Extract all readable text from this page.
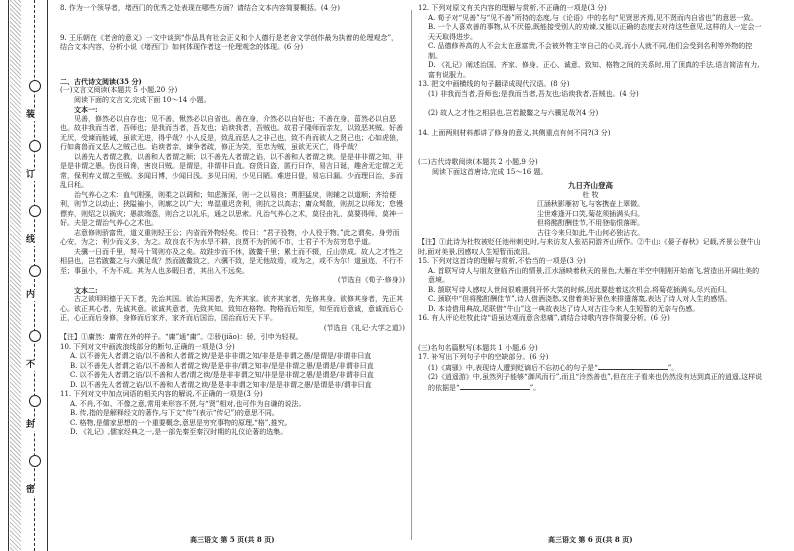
装
订
线
内
不
封
密

8. 作为一个领导者，堵西门的优秀之处表现在哪些方面？请结合文本内容简要概括。(4 分)

9. 王乐朝在《老舍的意义》一文中谈到“作品具有社会正义和个人德行是老舍文学创作最为执着的伦理观念”，结合文本内容，分析小说《堵西门》如何体现作者这一伦理观念的体现。(6 分)

二、古代诗文阅读(35 分)

(一)文言文阅读(本题共 5 小题,20 分)

阅读下面的文言文,完成下面 10～14 小题。

文本一:

见善，修然必以自存也；见不善，愀然必以自省也。善在身，介然必以自好也；不善在身，菑然必以自恶也。故非我而当者，吾师也；是我而当者，吾友也；谄谀我者，吾贼也。故君子隆师而亲友，以致恶其贼。好善无厌，受谏而能诫，虽欲无进，得乎哉？小人反是，致乱而恶人之非己也，致不肖而欲人之贤己也；心如虎狼，行如禽兽而又恶人之贼己也。谄谀者亲，谏争者疏，修正为笑，至忠为贼，虽欲无灭亡，得乎哉？

以善先人者谓之教，以善和人者谓之顺；以不善先人者谓之谄，以不善和人者谓之谀。是是非非谓之知，非是是非谓之愚。伤良曰谗，害良曰贼。是谓是，非谓非曰直。窃货曰盗，匿行曰诈，易言曰诞，趣舍无定谓之无常，保利弃义谓之至贼。多闻曰博，少闻曰浅。多见曰闲，少见曰陋。难进曰偍，易忘曰漏。少而理曰治，多而乱曰秏。

治气养心之术：血气刚强，则柔之以调和；知虑渐深，则一之以易良；勇胆猛戾，则辅之以道顺；齐给便利，则节之以动止；狭隘褊小，则廓之以广大；卑湿重迟贪利，则抗之以高志；庸众驽散，则刦之以师友；怠慢僄弃，则炤之以祸灾；愚款端悫，则合之以礼乐，通之以思索。凡治气养心之术，莫径由礼，莫要得师，莫神一好。夫是之谓治气养心之术也。

志意修则骄富贵，道义重则轻王公；内省而外物轻矣。传曰：“君子役物，小人役于物。”此之谓矣。身劳而心安，为之；利少而义多，为之。故良农不为水旱不耕，良贾不为折阅不市，士君子不为贫穷怠乎道。

夫骥一日而千里，驽马十驾则亦及之矣。故跬步而不休，跛鳖千里；累土而不辍，丘山崇成。故人之才性之相县也，岂若跛鳖之与六骥足哉？然而跛鳖致之，六骥不致，是无他故焉，或为之，或不为尔！道虽迩，不行不至；事虽小，不为不成。其为人也多暇日者，其出入不远矣。

(节选自《荀子·修身》)

文本二:

古之欲明明德于天下者，先治其国。欲治其国者，先齐其家。欲齐其家者，先修其身。欲修其身者，先正其心。欲正其心者，先诚其意。欲诚其意者，先致其知。致知在格物。物格而后知至，知至而后意诚，意诚而后心正，心正而后身修，身修而后家齐，家齐而后国治，国治而后天下平。

(节选自《礼记·大学之道》)

【注】①庸然：庸常在外的样子。“庸”通“庸”。②骄(jiāo)：骄，引申为轻视。

10. 下列对文中画波浪线部分的断句,正确的一项是(3 分)

A. 以不善先人者谓之谄/以不善和人者谓之谀/是是非非谓之知/非是是非谓之愚/是谓是/非谓非曰直

B. 以不善先人者谓之谄/以不善和人者谓之谀/是是非非/谓之知非/是是非谓之愚/是谓是/非谓非曰直

C. 以不善先人者谓之谄/以不善和人者/谓之谀/是是非非谓之知/非是是非谓之愚/是谓是/非谓非曰直

D. 以不善先人者谓之谄/以不善和人者谓之谀/是是非非谓之知非/是是非谓之愚/是谓是非/谓非曰直

11. 下列对文中加点词语的相关内容的解说,不正确的一项是(3 分)

A. 不肖,不如、不像之意,常用来形容不贤,与“贤”相对,也可作为自谦的说法。

B. 传,指的是解释经文的著作,与下文“传”(表示“传记”)的意思不同。

C. 格物,是儒家思想的一个重要概念,意思是穷究事物的原理,“格”,推究。

D. 《礼记》,儒家经典之一,是一部先秦至秦汉时期的礼仪论著的选集。

12. 下列对原文有关内容的理解与赏析,不正确的一项是(3 分)

A. 荀子对“见善”与“见不善”所持的态度,与《论语》中的名句“见贤思齐焉,见不贤而内自省也”的意思一致。

B. 一个人喜欢善的事物,从不厌倦,既能接受别人的劝谏,又能以正确的态度去对待这些意见,这样的人一定会一天天取得进步。

C. 品德修养高的人不会太在意富贵,不会被外物主宰自己的心灵,而小人就不同,他们会受到名利等外物的控制。

D. 《礼记》阐述治国、齐家、修身、正心、诚意、致知、格物之间的关系时,用了顶真的手法,语言简洁有力,富有说服力。

13. 把文中画横线的句子翻译成现代汉语。(8 分)

(1) 非我而当者,吾师也;是我而当者,吾友也;谄谀我者,吾贼也。(4 分)

(2) 故人之才性之相县也,岂若跛鳖之与六骥足哉?(4 分)

14. 上面两则材料都讲了修身的意义,其侧重点有何不同?(3 分)

(二)古代诗歌阅读(本题共 2 小题,9 分)

阅读下面这首唐诗,完成 15～16 题。

九日齐山登高

杜 牧

江涵秋影雁初飞,与客携壶上翠微。

尘世难逢开口笑,菊花须插满头归。

但将酩酊酬佳节,不用登临恨落晖。

古往今来只如此,牛山何必独沾衣。

【注】①此诗为杜牧被贬任池州刺史时,与来访友人张祜同游齐山所作。②牛山:《晏子春秋》记载,齐景公登牛山时,面对美景,因感叹人生短暂而流泪。

15. 下列对这首诗的理解与赏析,不恰当的一项是(3 分)

A. 首联写诗人与朋友登临齐山的情景,江水涵映着秋天的景色,大雁在半空中刚刚开始南飞,营造出开阔壮美的意境。

B. 颔联写诗人感叹人世间很难遇到开怀大笑的时候,因此要趁着这次机会,将菊花插满头,尽兴而归。

C. 颈联中“但将酩酊酬佳节”,诗人借酒浇愁,又借着美好景色来排遣落寞,表达了诗人对人生的感悟。

D. 本诗借用典故,尾联借“牛山”这一典故表达了诗人对古往今来人生短暂的无奈与伤感。

16. 有人评论杜牧此诗“语虽达观而意含悲痛”,请结合诗歌内容作简要分析。(6 分)

(三)名句名篇默写(本题共 1 小题,6 分)

17. 补写出下列句子中的空缺部分。(6 分)

(1)《离骚》中,表现诗人遭到贬谪后不忘初心的句子是“	”。

(2)《逍遥游》中,虽然列子能够“御风而行”,而且“泠然善也”,但在庄子看来也仍然没有达到真正的逍遥,这样说的依据是“	”。

高三语文 第 5 页(共 8 页)	高三语文 第 6 页(共 8 页)
